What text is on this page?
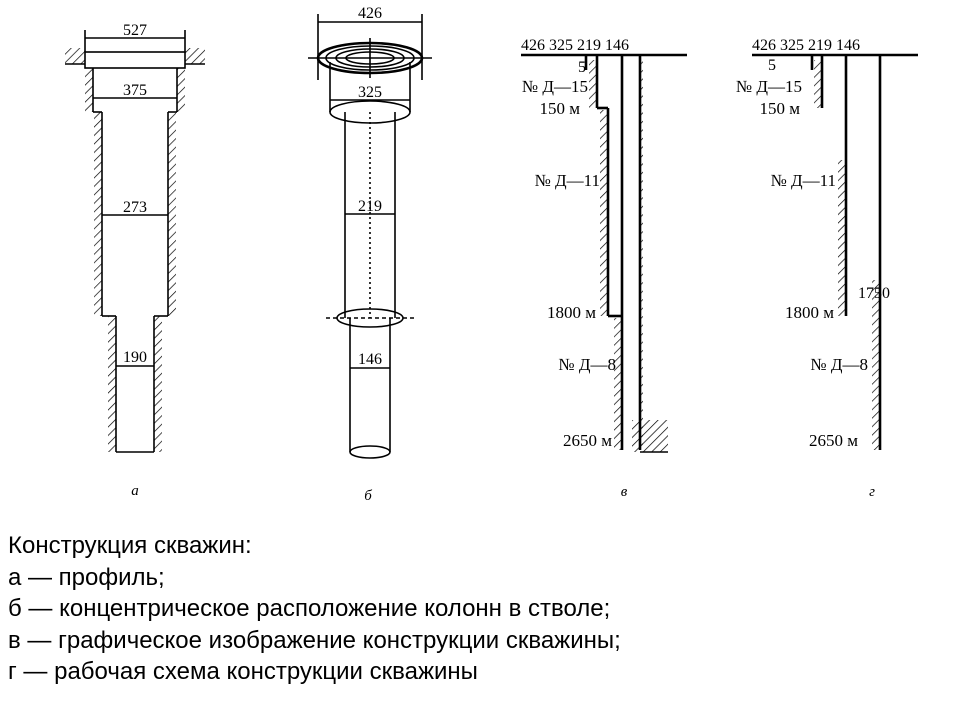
527
375
273
190
а
426
325
219
146
б
426 325 219 146
5
№ Д—15
150 м
№ Д—11
1800 м
№ Д—8
2650 м
в
426 325 219 146
5
№ Д—15
150 м
№ Д—11
1800 м
1750
№ Д—8
2650 м
г
Конструкция скважин:
а — профиль;
б — концентрическое расположение колонн в стволе;
в — графическое изображение конструкции скважины;
г — рабочая схема конструкции скважины
